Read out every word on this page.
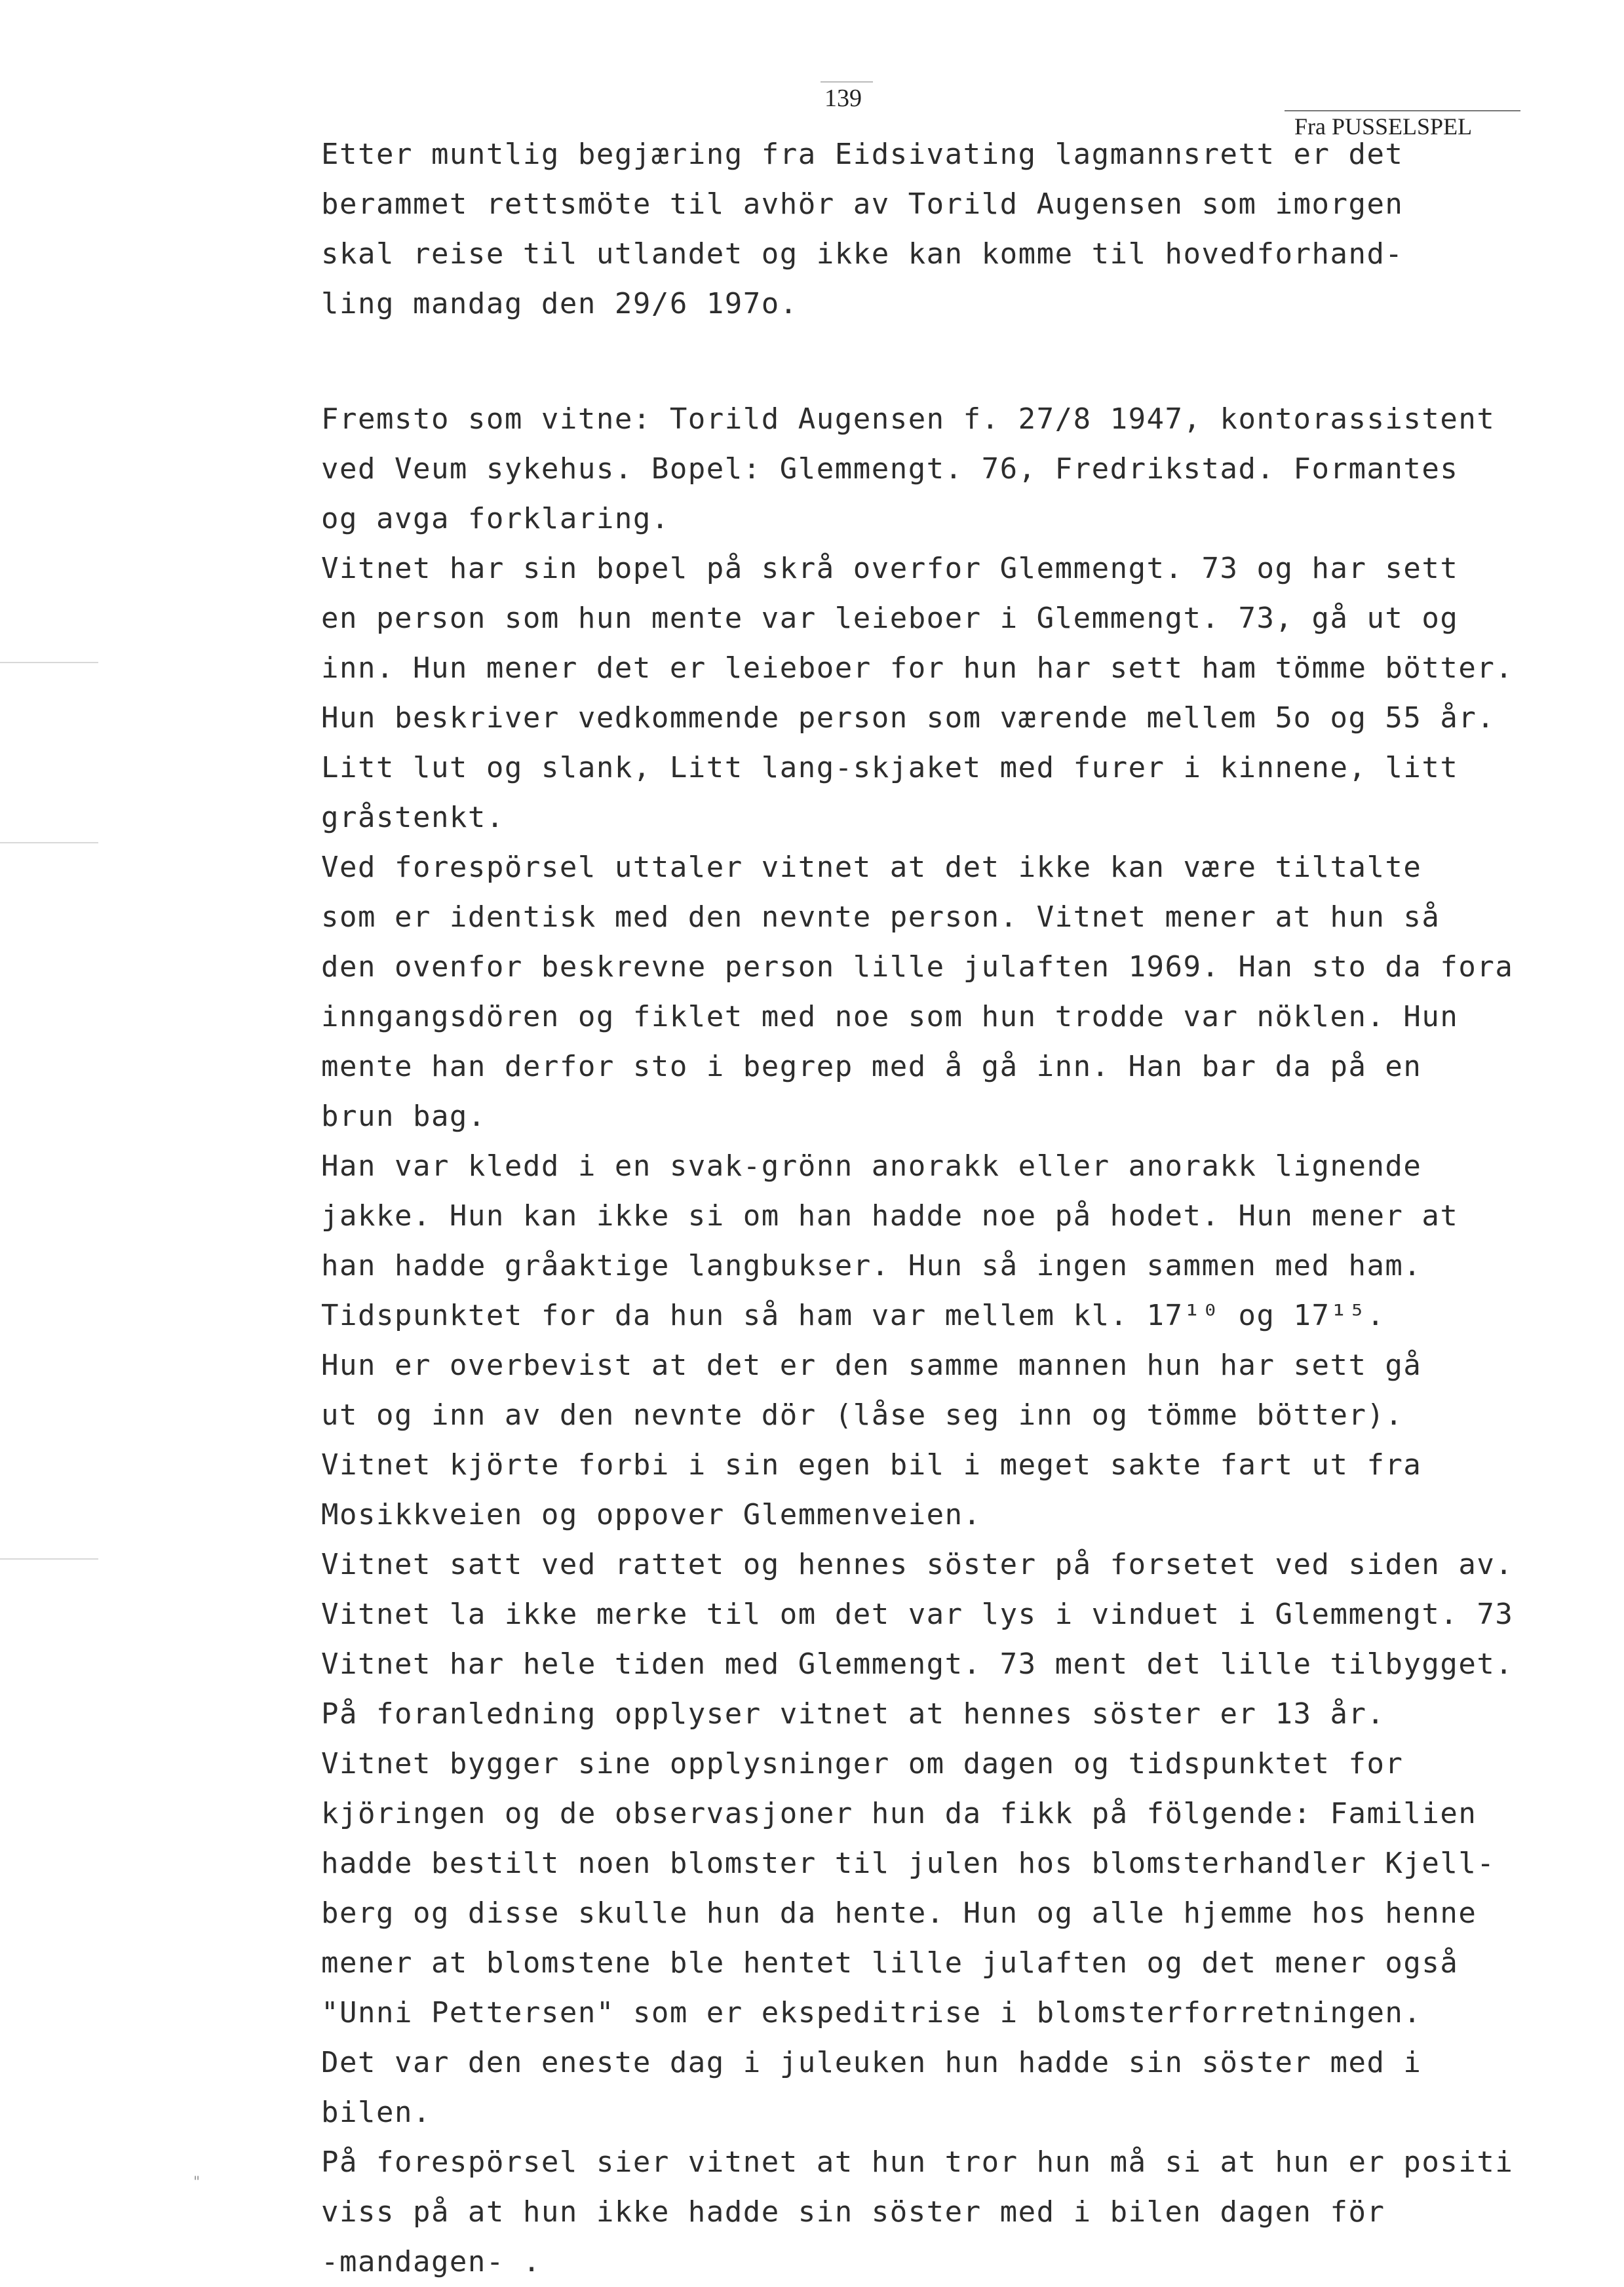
139
Fra PUSSELSPEL
"
Etter muntlig begjæring fra Eidsivating lagmannsrett er det
berammet rettsmöte til avhör av Torild Augensen som imorgen
skal reise til utlandet og ikke kan komme til hovedforhand-
ling mandag den 29/6 197o.
Fremsto som vitne: Torild Augensen f. 27/8 1947, kontorassistent
ved Veum sykehus. Bopel: Glemmengt. 76, Fredrikstad. Formantes
og avga forklaring.
Vitnet har sin bopel på skrå overfor Glemmengt. 73 og har sett
en person som hun mente var leieboer i Glemmengt. 73, gå ut og
inn. Hun mener det er leieboer for hun har sett ham tömme bötter.
Hun beskriver vedkommende person som værende mellem 5o og 55 år.
Litt lut og slank, Litt lang-skjaket med furer i kinnene, litt
gråstenkt.
Ved forespörsel uttaler vitnet at det ikke kan være tiltalte
som er identisk med den nevnte person. Vitnet mener at hun så
den ovenfor beskrevne person lille julaften 1969. Han sto da fora
inngangsdören og fiklet med noe som hun trodde var nöklen. Hun
mente han derfor sto i begrep med å gå inn. Han bar da på en
brun bag.
Han var kledd i en svak-grönn anorakk eller anorakk lignende
jakke. Hun kan ikke si om han hadde noe på hodet. Hun mener at
han hadde gråaktige langbukser. Hun så ingen sammen med ham.
Tidspunktet for da hun så ham var mellem kl. 17¹⁰ og 17¹⁵.
Hun er overbevist at det er den samme mannen hun har sett gå
ut og inn av den nevnte dör (låse seg inn og tömme bötter).
Vitnet kjörte forbi i sin egen bil i meget sakte fart ut fra
Mosikkveien og oppover Glemmenveien.
Vitnet satt ved rattet og hennes söster på forsetet ved siden av.
Vitnet la ikke merke til om det var lys i vinduet i Glemmengt. 73
Vitnet har hele tiden med Glemmengt. 73 ment det lille tilbygget.
På foranledning opplyser vitnet at hennes söster er 13 år.
Vitnet bygger sine opplysninger om dagen og tidspunktet for
kjöringen og de observasjoner hun da fikk på fölgende: Familien
hadde bestilt noen blomster til julen hos blomsterhandler Kjell-
berg og disse skulle hun da hente. Hun og alle hjemme hos henne
mener at blomstene ble hentet lille julaften og det mener også
"Unni Pettersen" som er ekspeditrise i blomsterforretningen.
Det var den eneste dag i juleuken hun hadde sin söster med i
bilen.
På forespörsel sier vitnet at hun tror hun må si at hun er positi
viss på at hun ikke hadde sin söster med i bilen dagen för
-mandagen- .
